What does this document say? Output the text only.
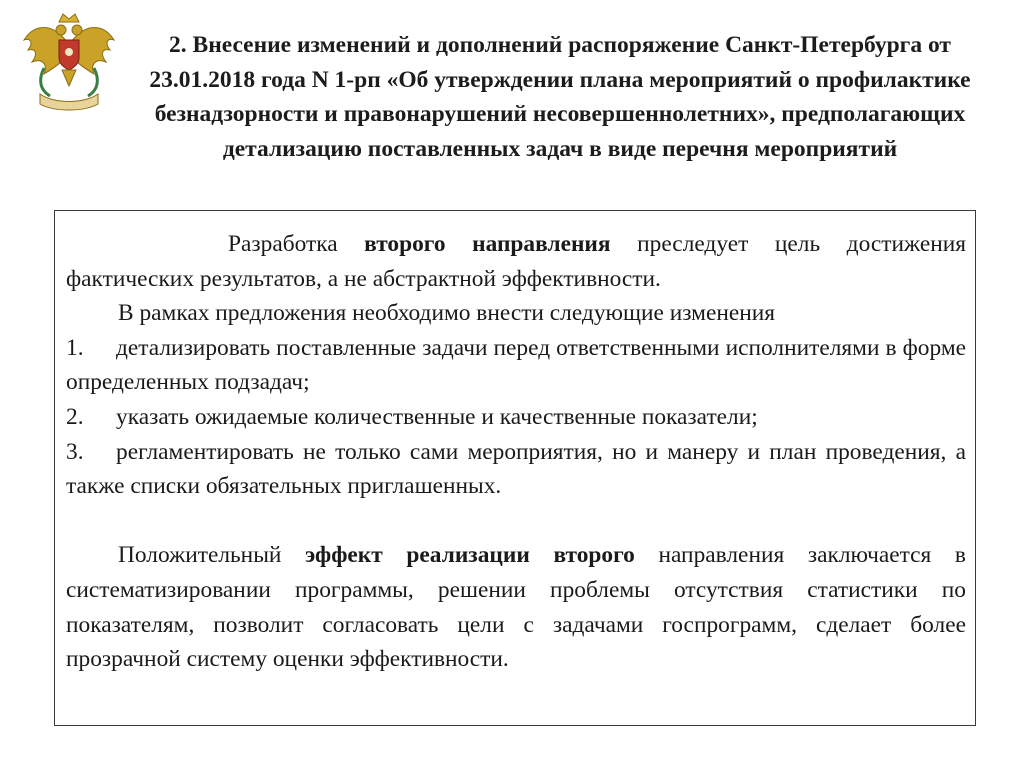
2. Внесение изменений и дополнений распоряжение Санкт-Петербурга от 23.01.2018 года N 1-рп «Об утверждении плана мероприятий о профилактике безнадзорности и правонарушений несовершеннолетних», предполагающих детализацию поставленных задач в виде перечня мероприятий

Разработка второго направления преследует цель достижения фактических результатов, а не абстрактной эффективности.

В рамках предложения необходимо внести следующие изменения

1. детализировать поставленные задачи перед ответственными исполнителями в форме определенных подзадач;

2. указать ожидаемые количественные и качественные показатели;

3. регламентировать не только сами мероприятия, но и манеру и план проведения, а также списки обязательных приглашенных.

Положительный эффект реализации второго направления заключается в систематизировании программы, решении проблемы отсутствия статистики по показателям, позволит согласовать цели с задачами госпрограмм, сделает более прозрачной систему оценки эффективности.
